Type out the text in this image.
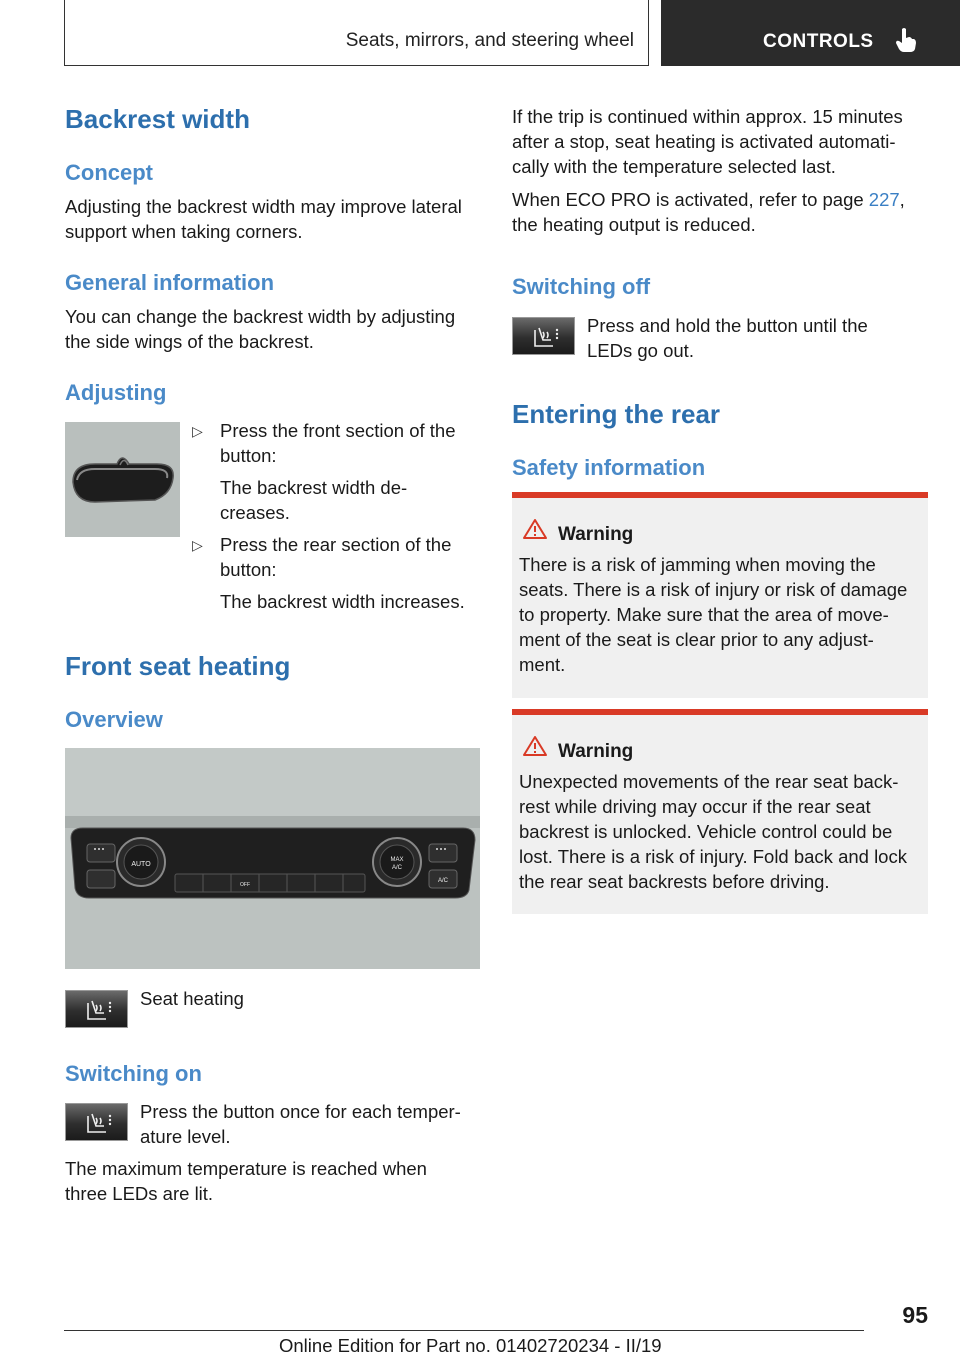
Seats, mirrors, and steering wheel	CONTROLS
Backrest width
Concept
Adjusting the backrest width may improve lateral
support when taking corners.
General information
You can change the backrest width by adjusting
the side wings of the backrest.
Adjusting
▷ Press the front section of the
button:
The backrest width de-
creases.
▷ Press the rear section of the
button:
The backrest width increases.
Front seat heating
Overview
AUTO
MAX
A/C
A/C
OFF
Seat heating
Switching on
Press the button once for each temper-
ature level.
The maximum temperature is reached when
three LEDs are lit.
If the trip is continued within approx. 15 minutes
after a stop, seat heating is activated automati-
cally with the temperature selected last.
When ECO PRO is activated, refer to page 227,
the heating output is reduced.
Switching off
Press and hold the button until the
LEDs go out.
Entering the rear
Safety information
Warning
There is a risk of jamming when moving the
seats. There is a risk of injury or risk of damage
to property. Make sure that the area of move-
ment of the seat is clear prior to any adjust-
ment.
Warning
Unexpected movements of the rear seat back-
rest while driving may occur if the rear seat
backrest is unlocked. Vehicle control could be
lost. There is a risk of injury. Fold back and lock
the rear seat backrests before driving.
95
Online Edition for Part no. 01402720234 - II/19
